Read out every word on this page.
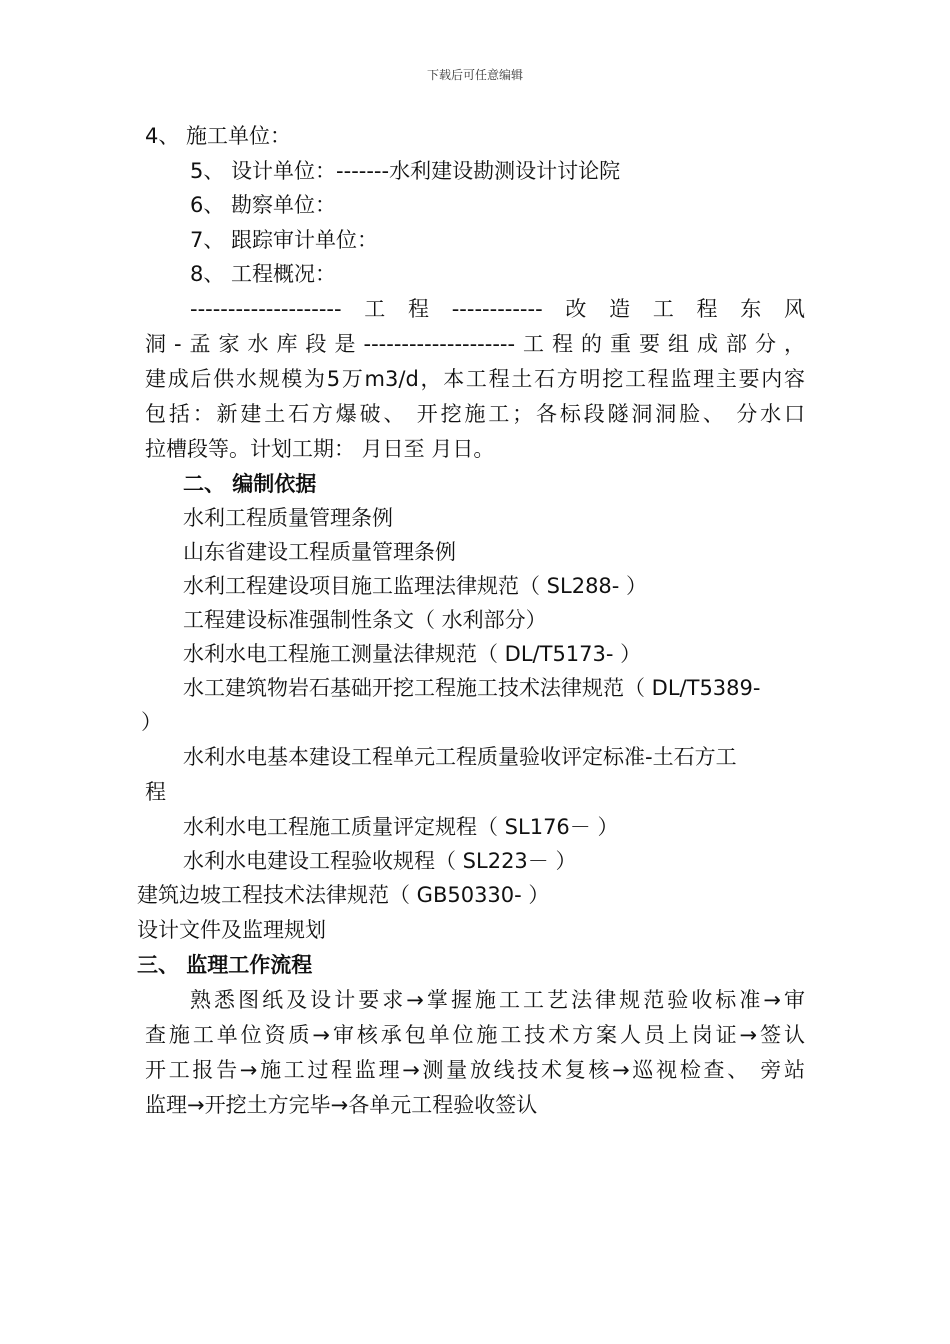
下载后可任意编辑
4、 施工单位：
5、 设计单位：-------水利建设勘测设计讨论院
6、 勘察单位：
7、 跟踪审计单位：
8、 工程概况：
--------------------工程------------改造工程东风
洞-孟家水库段是--------------------工程的重要组成部分，
建成后供水规模为5万m3/d，本工程土石方明挖工程监理主要内容
包括：新建土石方爆破、 开挖施工；各标段隧洞洞脸、 分水口
拉槽段等。计划工期： 月日至 月日。
二、 编制依据
水利工程质量管理条例
山东省建设工程质量管理条例
水利工程建设项目施工监理法律规范（ SL288- ）
工程建设标准强制性条文（ 水利部分）
水利水电工程施工测量法律规范（ DL/T5173- ）
水工建筑物岩石基础开挖工程施工技术法律规范（ DL/T5389-
）
水利水电基本建设工程单元工程质量验收评定标准-土石方工
程
水利水电工程施工质量评定规程（ SL176－ ）
水利水电建设工程验收规程（ SL223－ ）
建筑边坡工程技术法律规范（ GB50330- ）
设计文件及监理规划
三、 监理工作流程
熟悉图纸及设计要求→掌握施工工艺法律规范验收标准→审
查施工单位资质→审核承包单位施工技术方案人员上岗证→签认
开工报告→施工过程监理→测量放线技术复核→巡视检查、 旁站
监理→开挖土方完毕→各单元工程验收签认
